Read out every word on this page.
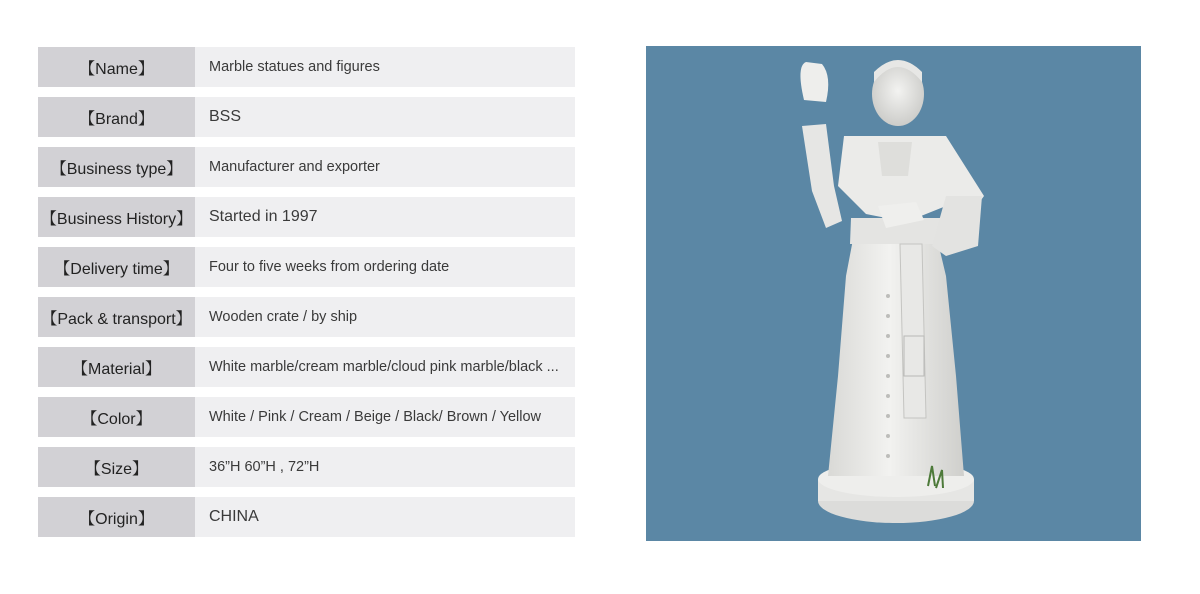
【Name】	Marble statues and figures
【Brand】	BSS
【Business type】	Manufacturer and exporter
【Business History】	Started in 1997
【Delivery time】	Four to five weeks from ordering date
【Pack & transport】	Wooden crate / by ship
【Material】	White marble/cream marble/cloud pink marble/black ...
【Color】	White / Pink / Cream / Beige / Black/ Brown / Yellow
【Size】	36”H 60”H , 72”H
【Origin】	CHINA
